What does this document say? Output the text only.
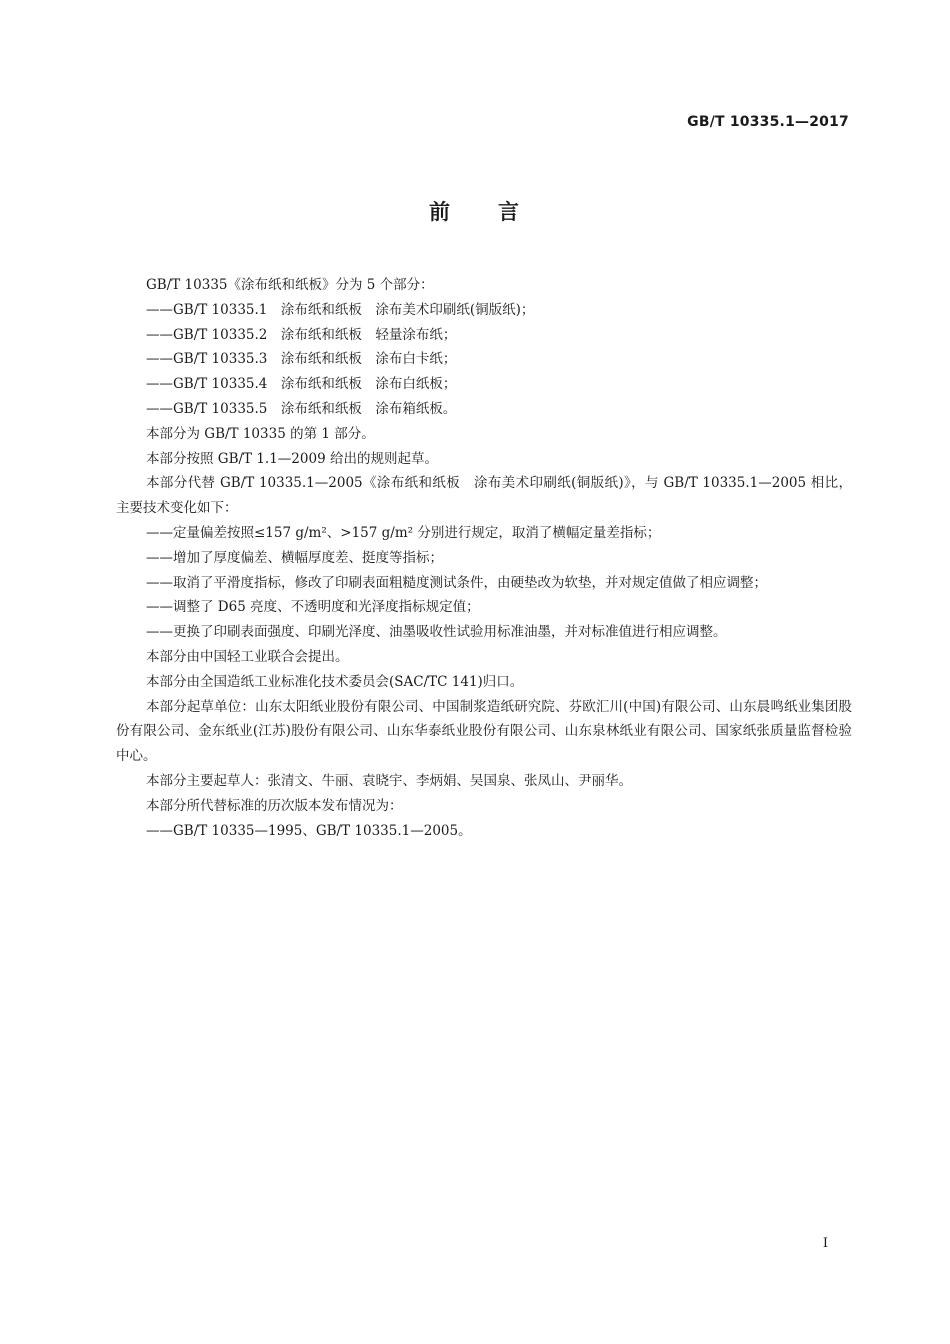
GB/T 10335.1—2017
前 言

GB/T 10335《涂布纸和纸板》分为 5 个部分：

——GB/T 10335.1　涂布纸和纸板　涂布美术印刷纸(铜版纸)；

——GB/T 10335.2　涂布纸和纸板　轻量涂布纸；

——GB/T 10335.3　涂布纸和纸板　涂布白卡纸；

——GB/T 10335.4　涂布纸和纸板　涂布白纸板；

——GB/T 10335.5　涂布纸和纸板　涂布箱纸板。

本部分为 GB/T 10335 的第 1 部分。

本部分按照 GB/T 1.1—2009 给出的规则起草。

本部分代替 GB/T 10335.1—2005《涂布纸和纸板　涂布美术印刷纸(铜版纸)》，与 GB/T 10335.1—2005 相比，主要技术变化如下：

——定量偏差按照≤157 g/m²、>157 g/m² 分别进行规定，取消了横幅定量差指标；

——增加了厚度偏差、横幅厚度差、挺度等指标；

——取消了平滑度指标，修改了印刷表面粗糙度测试条件，由硬垫改为软垫，并对规定值做了相应调整；

——调整了 D65 亮度、不透明度和光泽度指标规定值；

——更换了印刷表面强度、印刷光泽度、油墨吸收性试验用标准油墨，并对标准值进行相应调整。

本部分由中国轻工业联合会提出。

本部分由全国造纸工业标准化技术委员会(SAC/TC 141)归口。

本部分起草单位：山东太阳纸业股份有限公司、中国制浆造纸研究院、芬欧汇川(中国)有限公司、山东晨鸣纸业集团股份有限公司、金东纸业(江苏)股份有限公司、山东华泰纸业股份有限公司、山东泉林纸业有限公司、国家纸张质量监督检验中心。

本部分主要起草人：张清文、牛丽、袁晓宇、李炳娟、吴国泉、张凤山、尹丽华。

本部分所代替标准的历次版本发布情况为：

——GB/T 10335—1995、GB/T 10335.1—2005。

I
